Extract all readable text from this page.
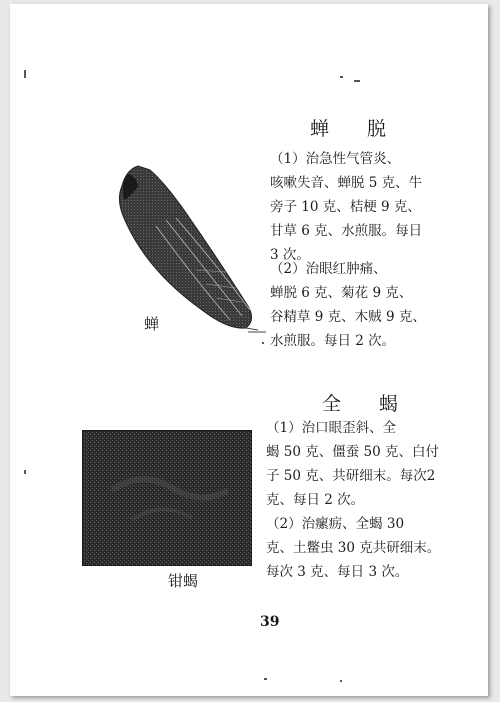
蝉 脱
蝉
（1）治急性气管炎、
咳嗽失音、蝉脱 5 克、牛
旁子 10 克、桔梗 9 克、
甘草 6 克、水煎服。每日
3 次。
（2）治眼红肿痛、
蝉脱 6 克、菊花 9 克、
谷精草 9 克、木贼 9 克、
水煎服。每日 2 次。
全 蝎
钳蝎
（1）治口眼歪斜、全
蝎 50 克、僵蚕 50 克、白付
子 50 克、共研细末。每次2
克、每日 2 次。
（2）治瘰疬、全蝎 30
克、土鳖虫 30 克共研细末。
每次 3 克、每日 3 次。
39
